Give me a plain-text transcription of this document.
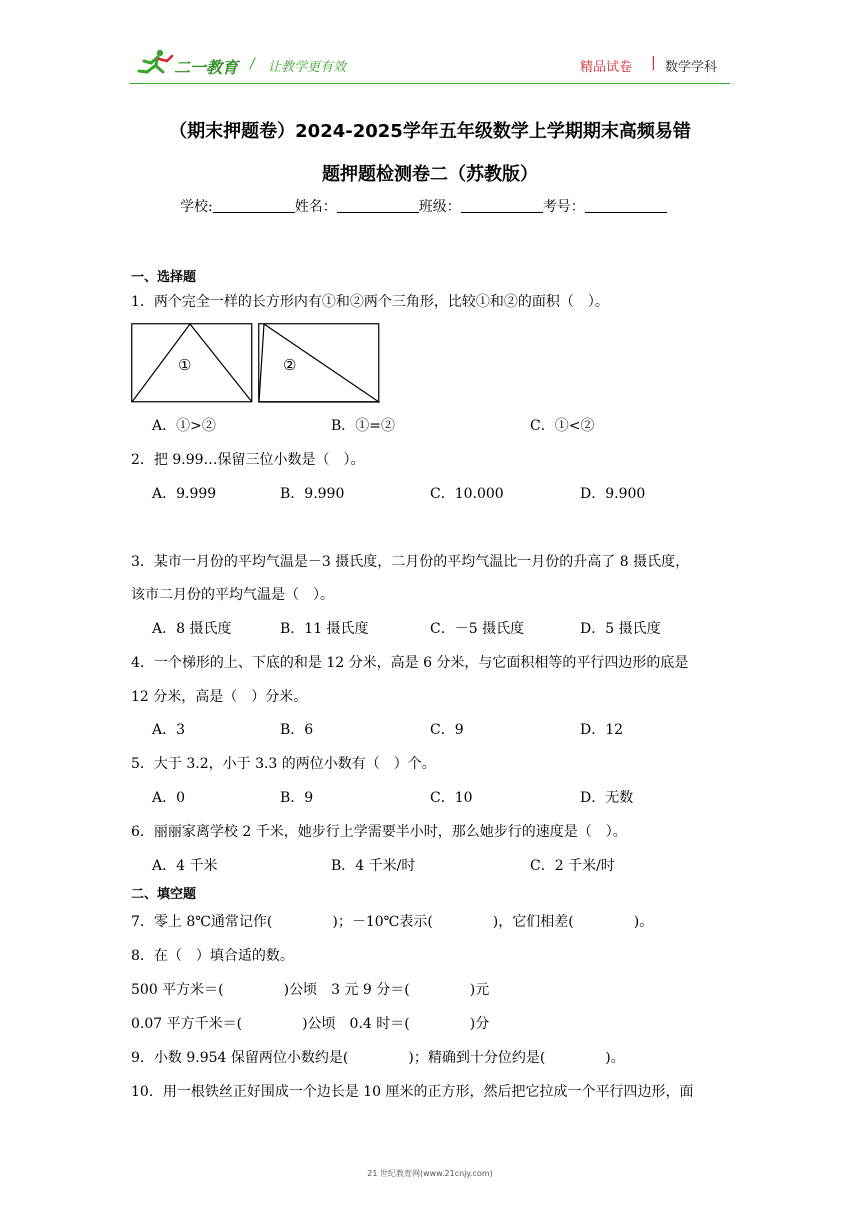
二一教育 / 让教学更有效	精品试卷 | 数学学科
（期末押题卷）2024-2025学年五年级数学上学期期末高频易错
题押题检测卷二（苏教版）
学校:	姓名：	班级：	考号：
一、选择题
1．两个完全一样的长方形内有①和②两个三角形，比较①和②的面积（　）。
①	②
A．①>②	B．①=②	C．①<②
2．把 9.99…保留三位小数是（　）。
A．9.999	B．9.990	C．10.000	D．9.900
3．某市一月份的平均气温是－3 摄氏度，二月份的平均气温比一月份的升高了 8 摄氏度，
该市二月份的平均气温是（　）。
A．8 摄氏度	B．11 摄氏度	C．－5 摄氏度	D．5 摄氏度
4．一个梯形的上、下底的和是 12 分米，高是 6 分米，与它面积相等的平行四边形的底是
12 分米，高是（　）分米。
A．3	B．6	C．9	D．12
5．大于 3.2，小于 3.3 的两位小数有（　）个。
A．0	B．9	C．10	D．无数
6．丽丽家离学校 2 千米，她步行上学需要半小时，那么她步行的速度是（　）。
A．4 千米	B．4 千米/时	C．2 千米/时
二、填空题
7．零上 8℃通常记作(	)；－10℃表示(	)，它们相差(	)。
8．在（　）填合适的数。
500 平方米＝(	)公顷　3 元 9 分＝(	)元
0.07 平方千米＝(	)公顷　0.4 时＝(	)分
9．小数 9.954 保留两位小数约是(	)；精确到十分位约是(	)。
10．用一根铁丝正好围成一个边长是 10 厘米的正方形，然后把它拉成一个平行四边形，面
21 世纪教育网(www.21cnjy.com)
